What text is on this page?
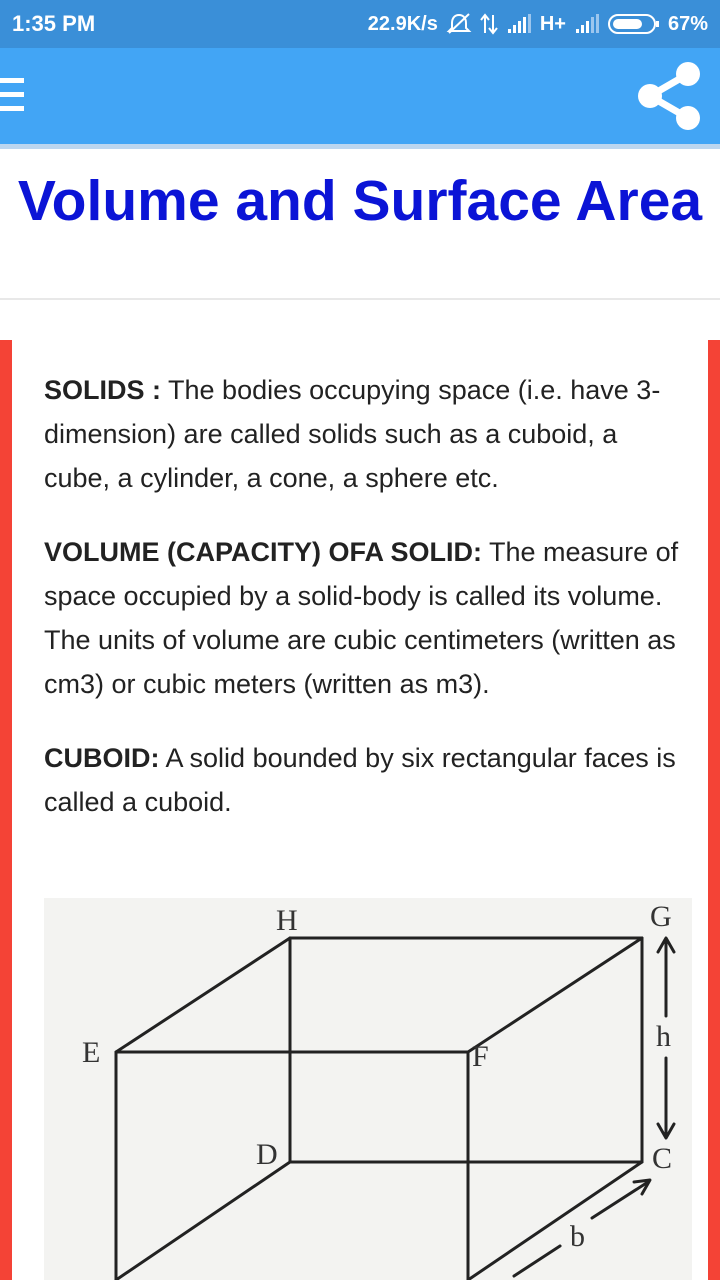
1:35 PM	22.9K/s	H+	67%
Volume and Surface Area

SOLIDS : The bodies occupying space (i.e. have 3-dimension) are called solids such as a cuboid, a cube, a cylinder, a cone, a sphere etc.

VOLUME (CAPACITY) OFA SOLID: The measure of space occupied by a solid-body is called its volume. The units of volume are cubic centimeters (written as cm3) or cubic meters (written as m3).

CUBOID: A solid bounded by six rectangular faces is called a cuboid.

H	G
E	F
D	C
h
b
